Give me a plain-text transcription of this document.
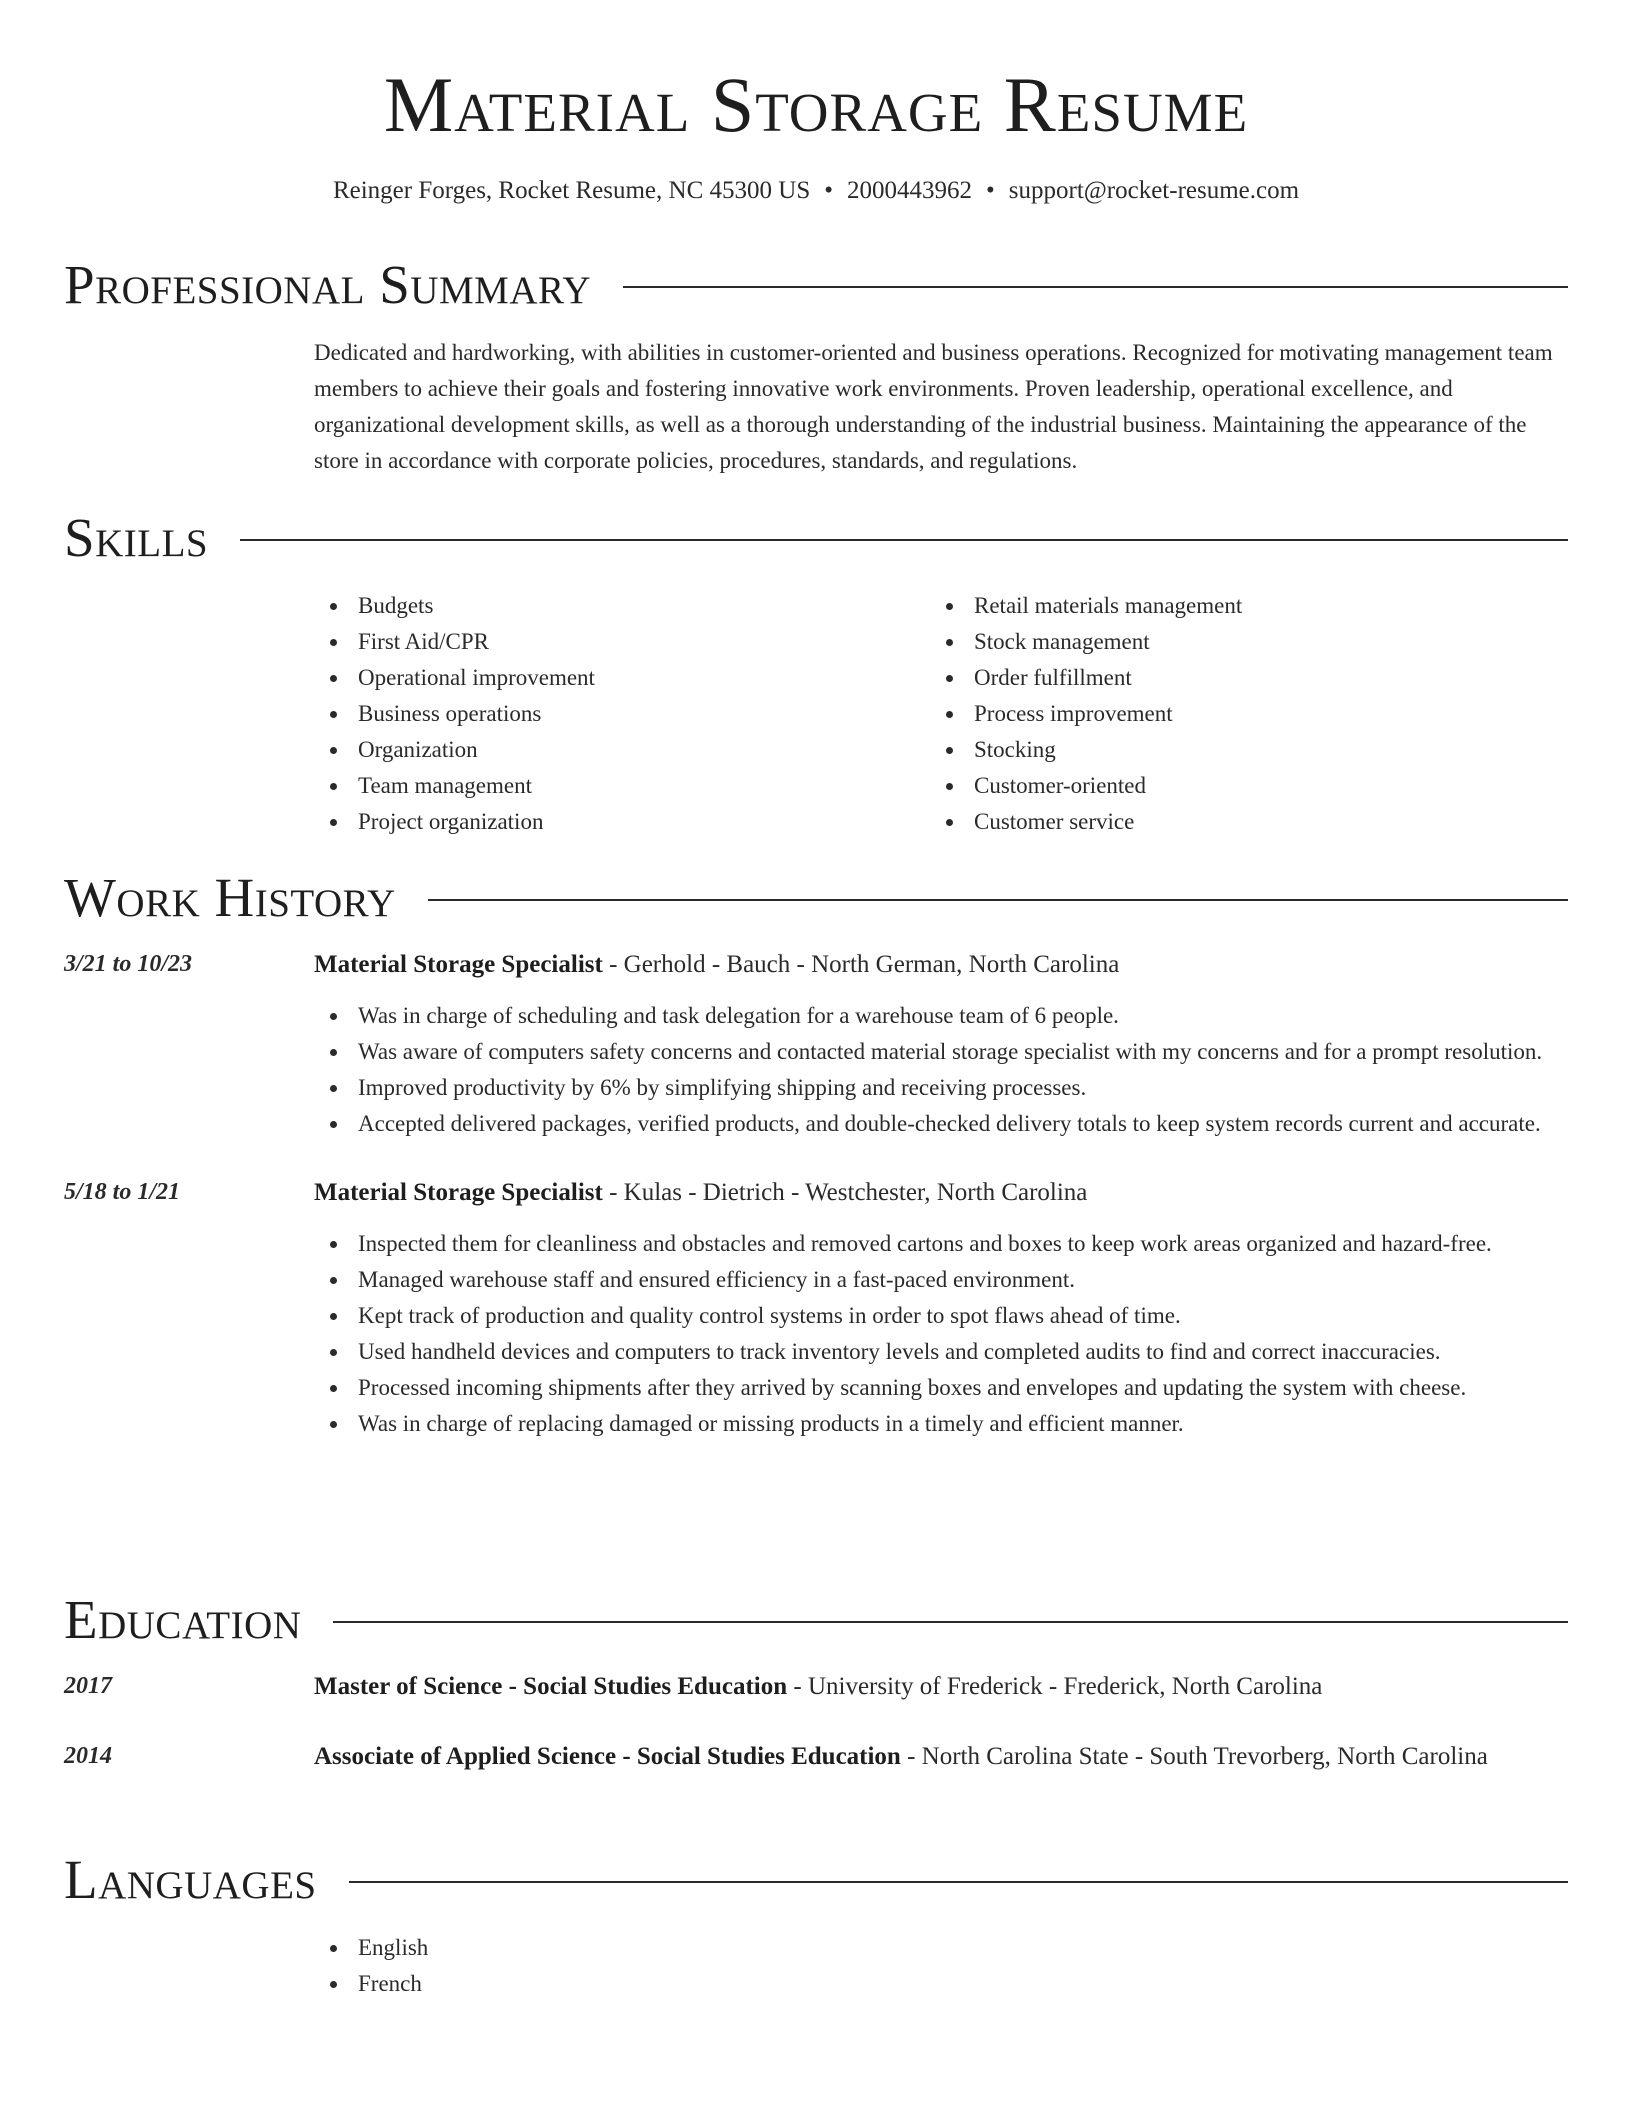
Material Storage Resume
Reinger Forges, Rocket Resume, NC 45300 US • 2000443962 • support@rocket-resume.com
Professional Summary
Dedicated and hardworking, with abilities in customer-oriented and business operations. Recognized for motivating management team members to achieve their goals and fostering innovative work environments. Proven leadership, operational excellence, and organizational development skills, as well as a thorough understanding of the industrial business. Maintaining the appearance of the store in accordance with corporate policies, procedures, standards, and regulations.
Skills
Budgets
First Aid/CPR
Operational improvement
Business operations
Organization
Team management
Project organization
Retail materials management
Stock management
Order fulfillment
Process improvement
Stocking
Customer-oriented
Customer service
Work History
3/21 to 10/23	Material Storage Specialist - Gerhold - Bauch - North German, North Carolina
Was in charge of scheduling and task delegation for a warehouse team of 6 people.
Was aware of computers safety concerns and contacted material storage specialist with my concerns and for a prompt resolution.
Improved productivity by 6% by simplifying shipping and receiving processes.
Accepted delivered packages, verified products, and double-checked delivery totals to keep system records current and accurate.
5/18 to 1/21	Material Storage Specialist - Kulas - Dietrich - Westchester, North Carolina
Inspected them for cleanliness and obstacles and removed cartons and boxes to keep work areas organized and hazard-free.
Managed warehouse staff and ensured efficiency in a fast-paced environment.
Kept track of production and quality control systems in order to spot flaws ahead of time.
Used handheld devices and computers to track inventory levels and completed audits to find and correct inaccuracies.
Processed incoming shipments after they arrived by scanning boxes and envelopes and updating the system with cheese.
Was in charge of replacing damaged or missing products in a timely and efficient manner.
Education
2017	Master of Science - Social Studies Education - University of Frederick - Frederick, North Carolina
2014	Associate of Applied Science - Social Studies Education - North Carolina State - South Trevorberg, North Carolina
Languages
English
French
